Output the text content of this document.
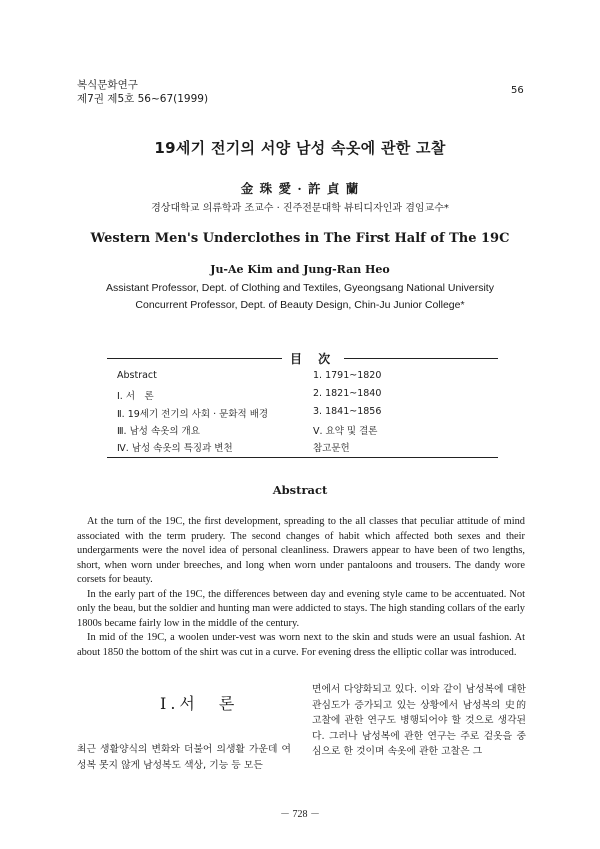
복식문화연구
제7권 제5호 56~67(1999)
56
19세기 전기의 서양 남성 속옷에 관한 고찰
金 珠 愛 · 許 貞 蘭
경상대학교 의류학과 조교수 · 진주전문대학 뷰티디자인과 겸임교수*
Western Men's Underclothes in The First Half of The 19C
Ju-Ae Kim and Jung-Ran Heo
Assistant Professor, Dept. of Clothing and Textiles, Gyeongsang National University
Concurrent Professor, Dept. of Beauty Design, Chin-Ju Junior College*
目 次
Abstract
Ⅰ. 서　론
Ⅱ. 19세기 전기의 사회 · 문화적 배경
Ⅲ. 남성 속옷의 개요
Ⅳ. 남성 속옷의 특징과 변천
1. 1791~1820
2. 1821~1840
3. 1841~1856
Ⅴ. 요약 및 결론
참고문헌
Abstract

At the turn of the 19C, the first development, spreading to the all classes that peculiar attitude of mind associated with the term prudery. The second changes of habit which affected both sexes and their undergarments were the novel idea of personal cleanliness. Drawers appear to have been of two lengths, short, when worn under breeches, and long when worn under pantaloons and trousers. The dandy wore corsets for beauty.

In the early part of the 19C, the differences between day and evening style came to be accentuated. Not only the beau, but the soldier and hunting man were addicted to stays. The high standing collars of the early 1800s became fairly low in the middle of the century.

In mid of the 19C, a woolen under-vest was worn next to the skin and studs were an usual fashion. At about 1850 the bottom of the shirt was cut in a curve. For evening dress the elliptic collar was introduced.

Ⅰ.서　론

최근 생활양식의 변화와 더불어 의생활 가운데 여성복 못지 않게 남성복도 색상, 기능 등 모든

면에서 다양화되고 있다. 이와 같이 남성복에 대한 관심도가 증가되고 있는 상황에서 남성복의 史的 고찰에 관한 연구도 병행되어야 할 것으로 생각된다. 그러나 남성복에 관한 연구는 주로 겉옷을 중심으로 한 것이며 속옷에 관한 고찰은 그

－ 728 －
